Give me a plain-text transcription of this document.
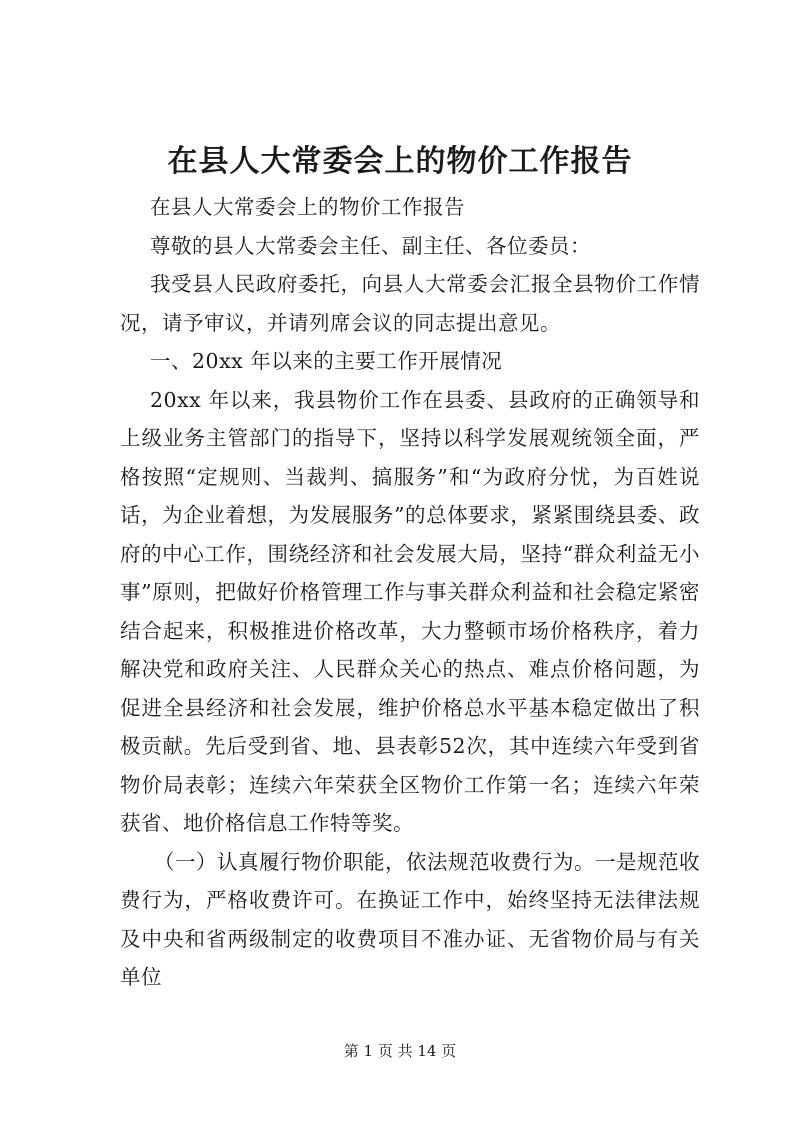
在县人大常委会上的物价工作报告

在县人大常委会上的物价工作报告

尊敬的县人大常委会主任、副主任、各位委员：

我受县人民政府委托，向县人大常委会汇报全县物价工作情况，请予审议，并请列席会议的同志提出意见。

一、20xx 年以来的主要工作开展情况

20xx 年以来，我县物价工作在县委、县政府的正确领导和上级业务主管部门的指导下，坚持以科学发展观统领全面，严格按照“定规则、当裁判、搞服务”和“为政府分忧，为百姓说话，为企业着想，为发展服务”的总体要求，紧紧围绕县委、政府的中心工作，围绕经济和社会发展大局，坚持“群众利益无小事”原则，把做好价格管理工作与事关群众利益和社会稳定紧密结合起来，积极推进价格改革，大力整顿市场价格秩序，着力解决党和政府关注、人民群众关心的热点、难点价格问题，为促进全县经济和社会发展，维护价格总水平基本稳定做出了积极贡献。先后受到省、地、县表彰52次，其中连续六年受到省物价局表彰；连续六年荣获全区物价工作第一名；连续六年荣获省、地价格信息工作特等奖。

（一）认真履行物价职能，依法规范收费行为。一是规范收费行为，严格收费许可。在换证工作中，始终坚持无法律法规及中央和省两级制定的收费项目不准办证、无省物价局与有关单位

第 1 页 共 14 页
